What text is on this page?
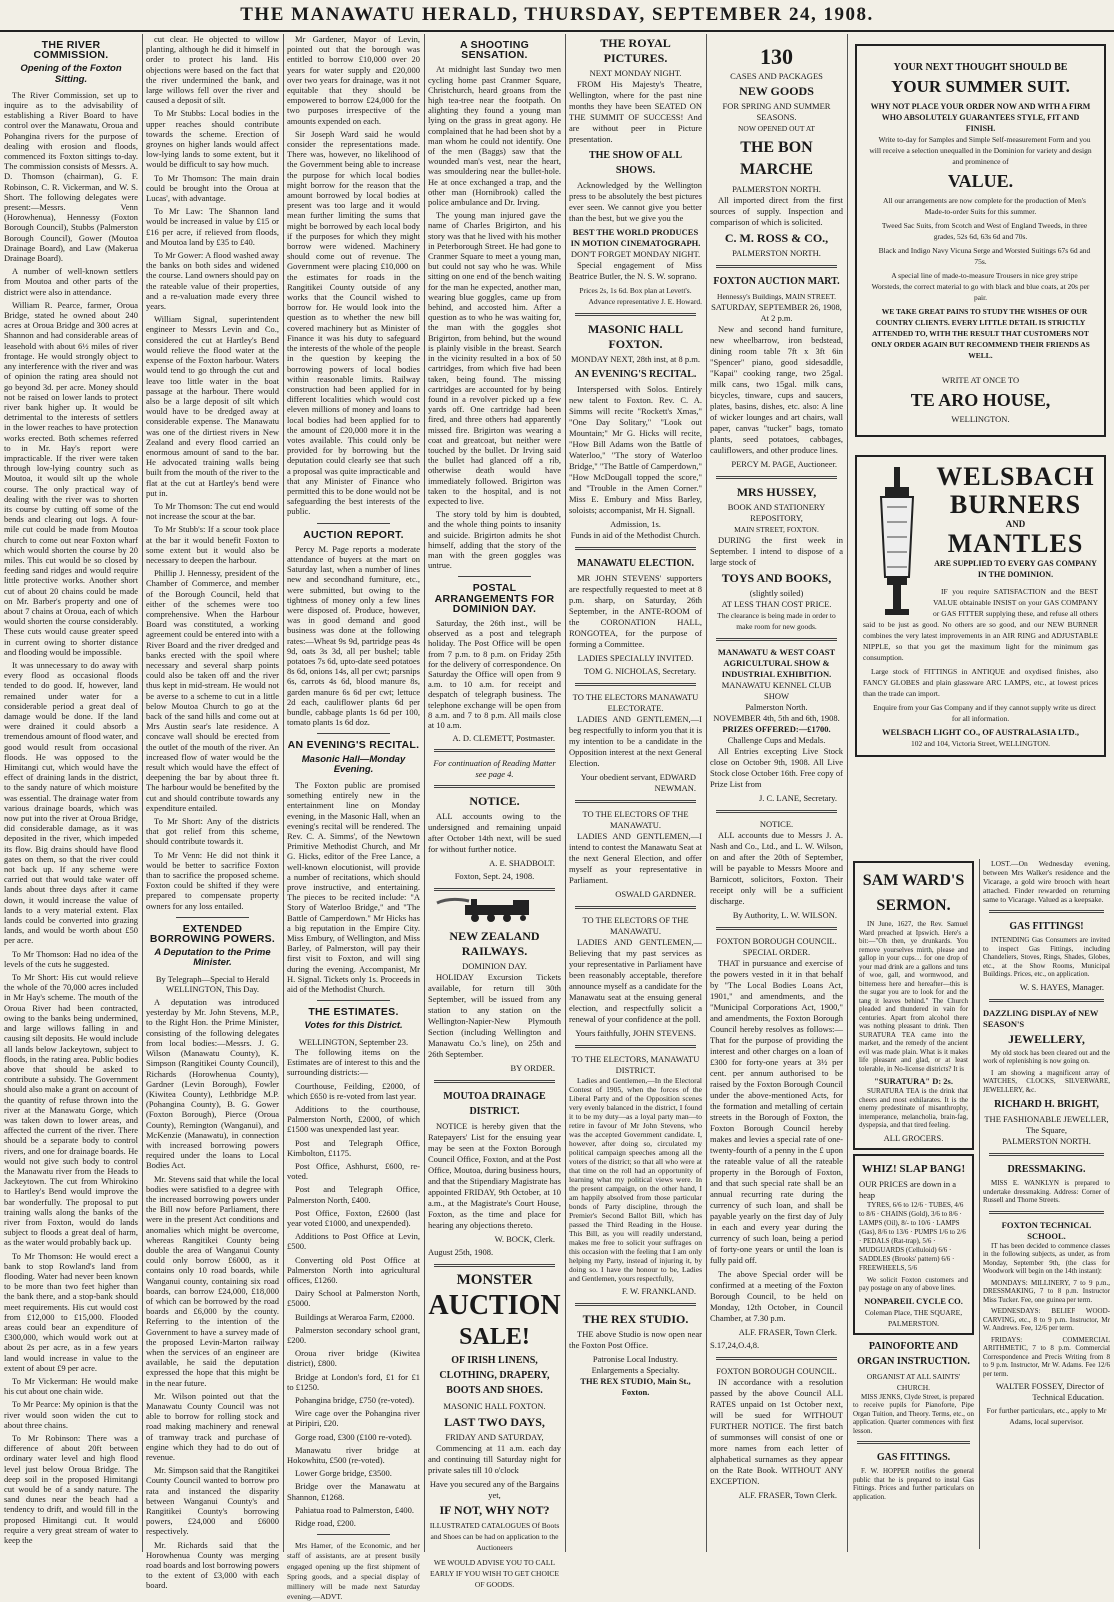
THE MANAWATU HERALD, THURSDAY, SEPTEMBER 24, 1908.
THE RIVER COMMISSION.
Opening of the Foxton Sitting.

The River Commission, set up to inquire as to the advisability of establishing a River Board to have control over the Manawatu, Oroua and Pohangina rivers for the purpose of dealing with erosion and floods, commenced its Foxton sittings to-day. The commission consists of Messrs. A. D. Thomson (chairman), G. F. Robinson, C. R. Vickerman, and W. S. Short. The following delegates were present:—Messrs. Venn (Horowhenua), Hennessy (Foxton Borough Council), Stubbs (Palmerston Borough Council), Gower (Moutoa Drainage Board), and Law (Makerua Drainage Board).

A number of well-known settlers from Moutoa and other parts of the district were also in attendance.

William R. Pearce, farmer, Oroua Bridge, stated he owned about 240 acres at Oroua Bridge and 300 acres at Shannon and had considerable areas of leasehold with about 6½ miles of river frontage. He would strongly object to any interference with the river and was of opinion the rating area should not go beyond 3d. per acre. Money should not be raised on lower lands to protect river bank higher up. It would be detrimental to the interests of settlers in the lower reaches to have protection works erected. Both schemes referred to in Mr. Hay's report were impracticable. If the river were taken through low-lying country such as Moutoa, it would silt up the whole course. The only practical way of dealing with the river was to shorten its course by cutting off some of the bends and clearing out logs. A four-mile cut could be made from Moutoa church to come out near Foxton wharf which would shorten the course by 20 miles. This cut would be so closed by feeding sand ridges and would require little protective works. Another short cut of about 20 chains could be made on Mr. Barber's property and one of about 7 chains at Oroua, each of which would shorten the course considerably. These cuts would cause greater speed in current owing to shorter distance and flooding would be impossible.

It was unnecessary to do away with every flood as occasional floods tended to do good. If, however, land remained under water for a considerable period a great deal of damage would be done. If the land were drained it could absorb a tremendous amount of flood water, and good would result from occasional floods. He was opposed to the Himitangi cut, which would have the effect of draining lands in the district, to the sandy nature of which moisture was essential. The drainage water from various drainage boards, which was now put into the river at Oroua Bridge, did considerable damage, as it was deposited in the river, which impeded its flow. Big drains should have flood gates on them, so that the river could not back up. If any scheme were carried out that would take water off lands about three days after it came down, it would increase the value of lands to a very material extent. Flax lands could be converted into grazing lands, and would be worth about £50 per acre.

To Mr Thomson: Had no idea of the levels of the cuts he suggested.

To Mr Short: His cut would relieve the whole of the 70,000 acres included in Mr Hay's scheme. The mouth of the Oroua River had been contracted, owing to the banks being undermined, and large willows falling in and causing silt deposits. He would include all lands below Jackeytown, subject to floods, in the rating area. Public bodies above that should be asked to contribute a subsidy. The Government should also make a grant on account of the quantity of refuse thrown into the river at the Manawatu Gorge, which was taken down to lower areas, and affected the current of the river. There should be a separate body to control rivers, and one for drainage boards. He would not give such body to control the Manawatu river from the Heads to Jackeytown. The cut from Whirokino to Hartley's Bend would improve the bar wonderfully. The proposal to put training walls along the banks of the river from Foxton, would do lands subject to floods a great deal of harm, as the water would probably back up.

To Mr Thomson: He would erect a bank to stop Rowland's land from flooding. Water had never been known to be more than two feet higher than the bank there, and a stop-bank should meet requirements. His cut would cost from £12,000 to £15,000. Flooded areas could bear an expenditure of £300,000, which would work out at about 2s per acre, as in a few years land would increase in value to the extent of about £9 per acre.

To Mr Vickerman: He would make his cut about one chain wide.

To Mr Pearce: My opinion is that the river would soon widen the cut to about three chains.

To Mr Robinson: There was a difference of about 20ft between ordinary water level and high flood level just below Oroua Bridge. The deep soil in the proposed Himitangi cut would be of a sandy nature. The sand dunes near the beach had a tendency to drift, and would fill in the proposed Himitangi cut. It would require a very great stream of water to keep the

cut clear. He objected to willow planting, although he did it himself in order to protect his land. His objections were based on the fact that the river undermined the bank, and large willows fell over the river and caused a deposit of silt.

To Mr Stubbs: Local bodies in the upper reaches should contribute towards the scheme. Erection of groynes on higher lands would affect low-lying lands to some extent, but it would be difficult to say how much.

To Mr Thomson: The main drain could be brought into the Oroua at Lucas', with advantage.

To Mr Law: The Shannon land would be increased in value by £15 or £16 per acre, if relieved from floods, and Moutoa land by £35 to £40.

To Mr Gower: A flood washed away the banks on both sides and widened the course. Land owners should pay on the rateable value of their properties, and a re-valuation made every three years.

William Signal, superintendent engineer to Messrs Levin and Co., considered the cut at Hartley's Bend would relieve the flood water at the expense of the Foxton harbour. Waters would tend to go through the cut and leave too little water in the boat passage at the harbour. There would also be a large deposit of silt which would have to be dredged away at considerable expense. The Manawatu was one of the dirtiest rivers in New Zealand and every flood carried an enormous amount of sand to the bar. He advocated training walls being built from the mouth of the river to the flat at the cut at Hartley's bend were put in.

To Mr Thomson: The cut end would not increase the scour at the bar.

To Mr Stubb's: If a scour took place at the bar it would benefit Foxton to some extent but it would also be necessary to deepen the harbour.

Phillip J. Hennessy, president of the Chamber of Commerce, and member of the Borough Council, held that either of the schemes were too comprehensive. When the Harbour Board was constituted, a working agreement could be entered into with a River Board and the river dredged and banks erected with the spoil where necessary and several sharp points could also be taken off and the river thus kept in mid-stream. He would not be averse to a scheme to cut in a little below Moutoa Church to go at the back of the sand hills and come out at Mrs Austin sear's late residence. A concave wall should be erected from the outlet of the mouth of the river. An increased flow of water would be the result which would have the effect of deepening the bar by about three ft. The harbour would be benefited by the cut and should contribute towards any expenditure entailed.

To Mr Short: Any of the districts that got relief from this scheme, should contribute towards it.

To Mr Venn: He did not think it would be better to sacrifice Foxton than to sacrifice the proposed scheme. Foxton could be shifted if they were prepared to compensate property owners for any loss entailed.

EXTENDED BORROWING POWERS.
A Deputation to the Prime Minister.
By Telegraph—Special to Herald
WELLINGTON, This Day.

A deputation was introduced yesterday by Mr. John Stevens, M.P., to the Right Hon. the Prime Minister, consisting of the following delegates from local bodies:—Messrs. J. G. Wilson (Manawatu County), K. Simpson (Rangitikei County Council), Richards (Horowhenua County), Gardner (Levin Borough), Fowler (Kiwitea County), Lethbridge M.P. (Pohangina County), B. G. Gower (Foxton Borough), Pierce (Oroua County), Remington (Wanganui), and McKenzie (Manawatu), in connection with increased borrowing powers required under the loans to Local Bodies Act.

Mr. Stevens said that while the local bodies were satisfied to a degree with the increased borrowing powers under the Bill now before Parliament, there were in the present Act conditions and anomalies which might be overcome, whereas Rangitikei County being double the area of Wanganui County could only borrow £6000, as it contains only 10 road boards, while Wanganui county, containing six road boards, can borrow £24,000, £18,000 of which can be borrowed by the road boards and £6,000 by the county. Referring to the intention of the Government to have a survey made of the proposed Levin-Marton railway when the services of an engineer are available, he said the deputation expressed the hope that this might be in the near future.

Mr. Wilson pointed out that the Manawatu County Council was not able to borrow for rolling stock and road making machinery and renewal of tramway track and purchase of engine which they had to do out of revenue.

Mr. Simpson said that the Rangitikei County Council wanted to borrow pro rata and instanced the disparity between Wanganui County's and Rangitikei County's borrowing powers, £24,000 and £6000 respectively.

Mr. Richards said that the Horowhenua County was merging road boards and lost borrowing powers to the extent of £3,000 with each board.

Mr Gardener, Mayor of Levin, pointed out that the borough was entitled to borrow £10,000 over 20 years for water supply and £20,000 over two years for drainage, was it not equitable that they should be empowered to borrow £24,000 for the two purposes irrespective of the amounts expended on each.

Sir Joseph Ward said he would consider the representations made. There was, however, no likelihood of the Government being able to increase the purpose for which local bodies might borrow for the reason that the amount borrowed by local bodies at present was too large and it would mean further limiting the sums that might be borrowed by each local body if the purposes for which they might borrow were widened. Machinery should come out of revenue. The Government were placing £10,000 on the estimates for roads in the Rangitikei County outside of any works that the Council wished to borrow for. He would look into the question as to whether the new bill covered machinery but as Minister of Finance it was his duty to safeguard the interests of the whole of the people in the question by keeping the borrowing powers of local bodies within reasonable limits. Railway construction had been applied for in different localities which would cost eleven millions of money and loans to local bodies had been applied for to the amount of £20,000 more it in the votes available. This could only be provided for by borrowing but the deputation could clearly see that such a proposal was quite impracticable and that any Minister of Finance who permitted this to be done would not be safeguarding the best interests of the public.

AUCTION REPORT.

Percy M. Page reports a moderate attendance of buyers at the mart on Saturday last, when a number of lines new and secondhand furniture, etc., were submitted, but owing to the tightness of money only a few lines were disposed of. Produce, however, was in good demand and good business was done at the following rates:—Wheat 9s 9d, partridge peas 4s 9d, oats 3s 3d, all per bushel; table potatoes 7s 6d, upto-date seed potatoes 8s 6d, onions 14s, all per cwt; parsnips 6s, carrots 4s 6d, blood manure 8s, garden manure 6s 6d per cwt; lettuce 2d each, cauliflower plants 6d per bundle, cabbage plants 1s 6d per 100, tomato plants 1s 6d doz.

AN EVENING'S RECITAL.
Masonic Hall—Monday Evening.

The Foxton public are promised something entirely new in the entertainment line on Monday evening, in the Masonic Hall, when an evening's recital will be rendered. The Rev. C. A. Simms', of the Newtown Primitive Methodist Church, and Mr G. Hicks, editor of the Free Lance, a well-known elocutionist, will provide a number of recitations, which should prove instructive, and entertaining. The pieces to be recited include: "A Story of Waterloo Bridge," and "The Battle of Camperdown." Mr Hicks has a big reputation in the Empire City. Miss Embury, of Wellington, and Miss Barley, of Palmerston, will pay their first visit to Foxton, and will sing during the evening. Accompanist, Mr H. Signal. Tickets only 1s. Proceeds in aid of the Methodist Church.

THE ESTIMATES.
Votes for this District.
WELLINGTON, September 23.

The following items on the Estimates are of interest to this and the surrounding districts:—

Courthouse, Feilding, £2000, of which £650 is re-voted from last year.

Additions to the courthouse, Palmerston North, £2000, of which £1500 was unexpended last year.

Post and Telegraph Office, Kimbolton, £1175.

Post Office, Ashhurst, £600, re-voted.

Post and Telegraph Office, Palmerston North, £400.

Post Office, Foxton, £2600 (last year voted £1000, and unexpended).

Additions to Post Office at Levin, £500.

Converting old Post Office at Palmerston North into agricultural offices, £1260.

Dairy School at Palmerston North, £5000.

Buildings at Weraroa Farm, £2000.

Palmerston secondary school grant, £200.

Oroua river bridge (Kiwitea district), £800.

Bridge at London's ford, £1 for £1 to £1250.

Pohangina bridge, £750 (re-voted).

Wire cage over the Pohangina river at Piripiri, £20.

Gorge road, £300 (£100 re-voted).

Manawatu river bridge at Hokowhitu, £500 (re-voted).

Lower Gorge bridge, £3500.

Bridge over the Manawatu at Shannon, £1268.

Pahiatua road to Palmerston, £400.

Ridge road, £200.

Mrs Hamer, of the Economic, and her staff of assistants, are at present busily engaged opening up the first shipment of Spring goods, and a special display of millinery will be made next Saturday evening.—ADVT.

A SHOOTING SENSATION.

At midnight last Sunday two men cycling home past Cranmer Square, Christchurch, heard groans from the high tea-tree near the footpath. On alighting they found a young man lying on the grass in great agony. He complained that he had been shot by a man whom he could not identify. One of the men (Baggs) saw that the wounded man's vest, near the heart, was smouldering near the bullet-hole. He at once exchanged a trap, and the other man (Hornibrook) called the police ambulance and Dr. Irving.

The young man injured gave the name of Charles Brigirton, and his story was that he lived with his mother in Peterborough Street. He had gone to Cranmer Square to meet a young man, but could not say who he was. While sitting on one end of the bench waiting for the man he expected, another man, wearing blue goggles, came up from behind, and accosted him. After a question as to who he was waiting for, the man with the goggles shot Brigirton, from behind, but the wound is plainly visible in the breast. Search in the vicinity resulted in a box of 50 cartridges, from which five had been taken, being found. The missing cartridges are accounted for by being found in a revolver picked up a few yards off. One cartridge had been fired, and three others had apparently missed fire. Brigirton was wearing a coat and greatcoat, but neither were touched by the bullet. Dr Irving said the bullet had glanced off a rib, otherwise death would have immediately followed. Brigirton was taken to the hospital, and is not expected to live.

The story told by him is doubted, and the whole thing points to insanity and suicide. Brigirton admits he shot himself, adding that the story of the man with the green goggles was untrue.

POSTAL ARRANGEMENTS FOR DOMINION DAY.

Saturday, the 26th inst., will be observed as a post and telegraph holiday. The Post Office will be open from 7 p.m. to 8 p.m. on Friday 25th for the delivery of correspondence. On Saturday the Office will open from 9 a.m. to 10 a.m. for receipt and despatch of telegraph business. The telephone exchange will be open from 8 a.m. and 7 to 8 p.m. All mails close at 10 a.m.

A. D. CLEMETT, Postmaster.
For continuation of Reading Matter see page 4.
NOTICE.

ALL accounts owing to the undersigned and remaining unpaid after October 14th next, will be sued for without further notice.

A. E. SHADBOLT.
Foxton, Sept. 24, 1908.
NEW ZEALAND RAILWAYS.
DOMINION DAY.

HOLIDAY Excursion Tickets available, for return till 30th September, will be issued from any station to any station on the Wellington-Napier-New Plymouth Section (including Wellington and Manawatu Co.'s line), on 25th and 26th September.

BY ORDER.
MOUTOA DRAINAGE DISTRICT.

NOTICE is hereby given that the Ratepayers' List for the ensuing year may be seen at the Foxton Borough Council Office, Foxton, and at the Post Office, Moutoa, during business hours, and that the Stipendiary Magistrate has appointed FRIDAY, 9th October, at 10 a.m., at the Magistrate's Court House, Foxton, as the time and place for hearing any objections thereto.

W. BOCK, Clerk.
August 25th, 1908.
MONSTER
AUCTION
SALE!
OF IRISH LINENS, CLOTHING, DRAPERY, BOOTS AND SHOES.
MASONIC HALL FOXTON.
LAST TWO DAYS,
FRIDAY AND SATURDAY,

Commencing at 11 a.m. each day and continuing till Saturday night for private sales till 10 o'clock

Have you secured any of the Bargains yet,
IF NOT, WHY NOT?
ILLUSTRATED CATALOGUES Of Boots and Shoes can be had on application to the Auctioneers
WE WOULD ADVISE YOU TO CALL EARLY IF YOU WISH TO GET CHOICE OF GOODS.
THE ROYAL PICTURES.
NEXT MONDAY NIGHT.

FROM His Majesty's Theatre, Wellington, where for the past nine months they have been SEATED ON THE SUMMIT OF SUCCESS! And are without peer in Picture presentation.

THE SHOW OF ALL SHOWS.

Acknowledged by the Wellington press to be absolutely the best pictures ever seen. We cannot give you better than the best, but we give you the

BEST THE WORLD PRODUCES IN MOTION CINEMATOGRAPH.
DON'T FORGET MONDAY NIGHT.

Special engagement of Miss Beatrice Butler, the N. S. W. soprano.

Prices 2s, 1s 6d. Box plan at Levett's.
Advance representative J. E. Howard.
MASONIC HALL FOXTON.
MONDAY NEXT, 28th inst, at 8 p.m.
AN EVENING'S RECITAL.

Interspersed with Solos. Entirely new talent to Foxton. Rev. C. A. Simms will recite "Rockett's Xmas," "One Day Solitary," "Look out Mountain;" Mr G. Hicks will recite, "How Bill Adams won the Battle of Waterloo," "The story of Waterloo Bridge," "The Battle of Camperdown," "How McDougall topped the score," and "Trouble in the Amen Corner." Miss E. Embury and Miss Barley, soloists; accompanist, Mr H. Signall.

Admission, 1s.
Funds in aid of the Methodist Church.
MANAWATU ELECTION.

MR JOHN STEVENS' supporters are respectfully requested to meet at 8 p.m. sharp, on Saturday, 26th September, in the ANTE-ROOM of the CORONATION HALL, RONGOTEA, for the purpose of forming a Committee.

LADIES SPECIALLY INVITED.
TOM G. NICHOLAS, Secretary.
TO THE ELECTORS MANAWATU ELECTORATE.

LADIES AND GENTLEMEN,—I beg respectfully to inform you that it is my intention to be a candidate in the Opposition interest at the next General Election.

Your obedient servant, EDWARD NEWMAN.
TO THE ELECTORS OF THE MANAWATU.

LADIES AND GENTLEMEN,—I intend to contest the Manawatu Seat at the next General Election, and offer myself as your representative in Parliament.

OSWALD GARDNER.
TO THE ELECTORS OF THE MANAWATU.

LADIES AND GENTLEMEN,—Believing that my past services as your representative in Parliament have been reasonably acceptable, therefore announce myself as a candidate for the Manawatu seat at the ensuing general election, and respectfully solicit a renewal of your confidence at the poll.

Yours faithfully, JOHN STEVENS.
TO THE ELECTORS, MANAWATU DISTRICT.

Ladies and Gentlemen,—In the Electoral Contest of 1905, when the forces of the Liberal Party and of the Opposition scenes very evenly balanced in the district, I found it to be my duty—as a loyal party man—to retire in favour of Mr John Stevens, who was the accepted Government candidate. I, however, after doing so, circulated my political campaign speeches among all the voters of the district; so that all who were at that time on the roll had an opportunity of learning what my political views were. In the present campaign, on the other hand, I am happily absolved from those particular bonds of Party discipline, through the Premier's Second Ballot Bill, which has passed the Third Reading in the House. This Bill, as you will readily understand, makes me free to solicit your suffrages on this occasion with the feeling that I am only helping my Party, instead of injuring it, by doing so. I have the honour to be, Ladies and Gentlemen, yours respectfully,

F. W. FRANKLAND.
THE REX STUDIO.

THE above Studio is now open near the Foxton Post Office.

Patronise Local Industry.
Enlargements a Specialty.
THE REX STUDIO, Main St., Foxton.
130
CASES AND PACKAGES
NEW GOODS
FOR SPRING AND SUMMER SEASONS.
NOW OPENED OUT AT
THE BON MARCHE
PALMERSTON NORTH.

All imported direct from the first sources of supply. Inspection and comparison of which is solicited.

C. M. ROSS & CO.,
PALMERSTON NORTH.
FOXTON AUCTION MART.
Hennessy's Buildings, MAIN STREET.
SATURDAY, SEPTEMBER 26, 1908, At 2 p.m.

New and second hand furniture, new wheelbarrow, iron bedstead, dining room table 7ft x 3ft 6in "Spencer" piano, good sidesaddle, "Kapai" cooking range, two 25gal. milk cans, two 15gal. milk cans, bicycles, tinware, cups and saucers, plates, basins, dishes, etc. also: A line of wicker lounges and art chairs, wall paper, canvas "tucker" bags, tomato plants, seed potatoes, cabbages, cauliflowers, and other produce lines.

PERCY M. PAGE, Auctioneer.
MRS HUSSEY,
BOOK AND STATIONERY REPOSITORY,
MAIN STREET, FOXTON.

DURING the first week in September. I intend to dispose of a large stock of

TOYS AND BOOKS,
(slightly soiled)
AT LESS THAN COST PRICE.
The clearance is being made in order to make room for new goods.
MANAWATU & WEST COAST AGRICULTURAL SHOW & INDUSTRIAL EXHIBITION.
MANAWATU KENNEL CLUB SHOW
Palmerston North.
NOVEMBER 4th, 5th and 6th, 1908.
PRIZES OFFERED:—£1700.
Challenge Cups and Medals.

All Entries excepting Live Stock close on October 9th, 1908. All Live Stock close October 16th. Free copy of Prize List from

J. C. LANE, Secretary.
NOTICE.

ALL accounts due to Messrs J. A. Nash and Co., Ltd., and L. W. Wilson, on and after the 20th of September, will be payable to Messrs Moore and Barnicott, solicitors, Foxton. Their receipt only will be a sufficient discharge.

By Authority, L. W. WILSON.
FOXTON BOROUGH COUNCIL.
SPECIAL ORDER.

THAT in pursuance and exercise of the powers vested in it in that behalf by "The Local Bodies Loans Act, 1901," and amendments, and the "Municipal Corporations Act, 1900," and amendments, the Foxton Borough Council hereby resolves as follows:—That for the purpose of providing the interest and other charges on a loan of £300 for forty-one years at 3½ per cent. per annum authorised to be raised by the Foxton Borough Council under the above-mentioned Acts, for the formation and metalling of certain streets in the Borough of Foxton, the Foxton Borough Council hereby makes and levies a special rate of one-twenty-fourth of a penny in the £ upon the rateable value of all the rateable property in the Borough of Foxton, and that such special rate shall be an annual recurring rate during the currency of such loan, and shall be payable yearly on the first day of July in each and every year during the currency of such loan, being a period of forty-one years or until the loan is fully paid off.

The above Special order will be confirmed at a meeting of the Foxton Borough Council, to be held on Monday, 12th October, in Council Chamber, at 7.30 p.m.

ALF. FRASER, Town Clerk.
S.17,24,O.4,8.
FOXTON BOROUGH COUNCIL.

IN accordance with a resolution passed by the above Council ALL RATES unpaid on 1st October next, will be sued for WITHOUT FURTHER NOTICE. The first batch of summonses will consist of one or more names from each letter of alphabetical surnames as they appear on the Rate Book. WITHOUT ANY EXCEPTION.

ALF. FRASER, Town Clerk.
YOUR NEXT THOUGHT SHOULD BE
YOUR SUMMER SUIT.
WHY NOT PLACE YOUR ORDER NOW AND WITH A FIRM WHO ABSOLUTELY GUARANTEES STYLE, FIT AND FINISH.

Write to-day for Samples and Simple Self-measurement Form and you will receive a selection unequalled in the Dominion for variety and design and prominence of

VALUE.

All our arrangements are now complete for the production of Men's Made-to-order Suits for this summer.

Tweed Sac Suits, from Scotch and West of England Tweeds, in three grades, 52s 6d, 63s 6d and 70s.

Black and Indigo Navy Vicuna Serge and Worsted Suitings 67s 6d and 75s.

A special line of made-to-measure Trousers in nice grey stripe Worsteds, the correct material to go with black and blue coats, at 20s per pair.

WE TAKE GREAT PAINS TO STUDY THE WISHES OF OUR COUNTRY CLIENTS. EVERY LITTLE DETAIL IS STRICTLY ATTENDED TO, WITH THE RESULT THAT CUSTOMERS NOT ONLY ORDER AGAIN BUT RECOMMEND THEIR FRIENDS AS WELL.

WRITE AT ONCE TO
TE ARO HOUSE,
WELLINGTON.
WELSBACH
BURNERS
AND
MANTLES
ARE SUPPLIED TO EVERY GAS COMPANY IN THE DOMINION.

IF you require SATISFACTION and the BEST VALUE obtainable INSIST on your GAS COMPANY or GAS FITTER supplying these, and refuse all others said to be just as good. No others are so good, and our NEW BURNER combines the very latest improvements in an AIR RING and ADJUSTABLE NIPPLE, so that you get the maximum light for the minimum gas consumption.

Large stock of FITTINGS in ANTIQUE and oxydised finishes, also FANCY GLOBES and plain glassware ARC LAMPS, etc., at lowest prices than the trade can import.

Enquire from your Gas Company and if they cannot supply write us direct for all information.

WELSBACH LIGHT CO., OF AUSTRALASIA LTD.,
102 and 104, Victoria Street, WELLINGTON.
SAM WARD'S
SERMON.

IN June, 1627, the Rev. Samuel Ward preached at Ipswich. Here's a bit:—"Oh then, ye drunkards. You remove yourselves mirth, please and gallop in your cups… for one drop of your mad drink are a gallons and tuns of woe, gall, and wormwood, and bitterness here and hereafter—this is the sugar you are to look for and the tang it leaves behind." The Church pleaded and thundered in vain for centuries. Apart from alcohol there was nothing pleasant to drink. Then SURATURA TEA came into the market, and the remedy of the ancient evil was made plain. What is it makes life pleasant and glad, or at least tolerable, in No-license districts? It is

"SURATURA" D: 2s.

SURATURA TEA is the drink that cheers and most exhilarates. It is the enemy predestinate of misanthrophy, intemperance, melancholia, brain-fag, dyspepsia, and that tired feeling.

ALL GROCERS.
WHIZ! SLAP BANG!
OUR PRICES are down in a heap

TYRES, 6/6 to 12/6 · TUBES, 4/6 to 8/6 · CHAINS (Gold), 3/6 to 8/6 · LAMPS (Oil), 8/- to 10/6 · LAMPS (Gas), 8/6 to 13/6 · PUMPS 1/6 to 2/6 · PEDALS (Rat-trap), 5/6 · MUDGUARDS (Celluloid) 6/6 · SADDLES (Brooks' pattern) 6/6 · FREEWHEELS, 5/6

We solicit Foxton customers and pay postage on any of above lines.

NONPAREIL CYCLE CO.
Coleman Place, THE SQUARE, PALMERSTON.
PAINOFORTE AND ORGAN INSTRUCTION.
ORGANIST AT ALL SAINTS' CHURCH.

MISS JENKS, Clyde Street, is prepared to receive pupils for Pianoforte, Pipe Organ Tuition, and Theory. Terms, etc., on application. Quarter commences with first lesson.

GAS FITTINGS.

F. W. HOPPER notifies the general public that he is prepared to instal Gas Fittings. Prices and further particulars on application.

LOST.—On Wednesday evening, between Mrs Walker's residence and the Vicarage, a gold wire brooch with heart attached. Finder rewarded on returning same to Vicarage. Valued as a keepsake.

GAS FITTINGS!

INTENDING Gas Consumers are invited to inspect Gas Fittings, including Chandeliers, Stoves, Rings, Shades, Globes, etc., at the Show Rooms, Municipal Buildings. Prices, etc., on application.

W. S. HAYES, Manager.
DAZZLING DISPLAY of NEW SEASON'S
JEWELLERY,

My old stock has been cleared out and the work of replenishing is now going on.

I am showing a magnificent array of WATCHES, CLOCKS, SILVERWARE, JEWELLERY, &c.

RICHARD H. BRIGHT,
THE FASHIONABLE JEWELLER,
The Square,
PALMERSTON NORTH.
DRESSMAKING.

MISS E. WANKLYN is prepared to undertake dressmaking. Address: Corner of Russell and Thorne Streets.

FOXTON TECHNICAL SCHOOL.

IT has been decided to commence classes in the following subjects, as under, as from Monday, September 9th, (the class for Woodwork will begin on the 14th instant):

MONDAYS: MILLINERY, 7 to 9 p.m., DRESSMAKING, 7 to 8 p.m. Instructor Miss Tucker. Fee, one guinea per term.

WEDNESDAYS: BELIEF WOOD-CARVING, etc., 8 to 9 p.m. Instructor, Mr W. Andrews. Fee, 12/6 per term.

FRIDAYS: COMMERCIAL ARITHMETIC, 7 to 8 p.m. Commercial Correspondence and Precis Writing from 8 to 9 p.m. Instructor, Mr W. Adams. Fee 12/6 per term.

WALTER FOSSEY, Director of Technical Education.
For further particulars, etc., apply to Mr Adams, local supervisor.
